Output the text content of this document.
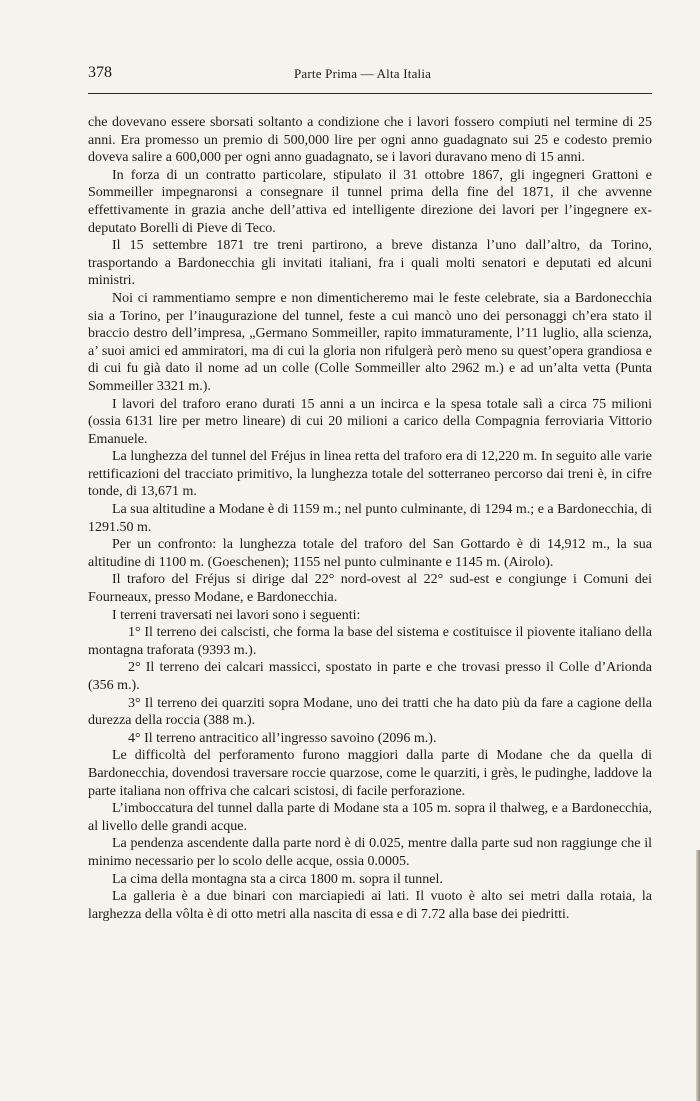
378	Parte Prima — Alta Italia

che dovevano essere sborsati soltanto a condizione che i lavori fossero compiuti nel termine di 25 anni. Era promesso un premio di 500,000 lire per ogni anno guadagnato sui 25 e codesto premio doveva salire a 600,000 per ogni anno guadagnato, se i lavori duravano meno di 15 anni.

In forza di un contratto particolare, stipulato il 31 ottobre 1867, gli ingegneri Grattoni e Sommeiller impegnaronsi a consegnare il tunnel prima della fine del 1871, il che avvenne effettivamente in grazia anche dell’attiva ed intelligente direzione dei lavori per l’ingegnere ex-deputato Borelli di Pieve di Teco.

Il 15 settembre 1871 tre treni partirono, a breve distanza l’uno dall’altro, da Torino, trasportando a Bardonecchia gli invitati italiani, fra i quali molti senatori e deputati ed alcuni ministri.

Noi ci rammentiamo sempre e non dimenticheremo mai le feste celebrate, sia a Bardonecchia sia a Torino, per l’inaugurazione del tunnel, feste a cui mancò uno dei personaggi ch’era stato il braccio destro dell’impresa, „Germano Sommeiller, rapito immaturamente, l’11 luglio, alla scienza, a’ suoi amici ed ammiratori, ma di cui la gloria non rifulgerà però meno su quest’opera grandiosa e di cui fu già dato il nome ad un colle (Colle Sommeiller alto 2962 m.) e ad un’alta vetta (Punta Sommeiller 3321 m.).

I lavori del traforo erano durati 15 anni a un incirca e la spesa totale salì a circa 75 milioni (ossia 6131 lire per metro lineare) di cui 20 milioni a carico della Compagnia ferroviaria Vittorio Emanuele.

La lunghezza del tunnel del Fréjus in linea retta del traforo era di 12,220 m. In seguito alle varie rettificazioni del tracciato primitivo, la lunghezza totale del sotterraneo percorso dai treni è, in cifre tonde, di 13,671 m.

La sua altitudine a Modane è di 1159 m.; nel punto culminante, di 1294 m.; e a Bardonecchia, di 1291.50 m.

Per un confronto: la lunghezza totale del traforo del San Gottardo è di 14,912 m., la sua altitudine di 1100 m. (Goeschenen); 1155 nel punto culminante e 1145 m. (Airolo).

Il traforo del Fréjus si dirige dal 22° nord-ovest al 22° sud-est e congiunge i Comuni dei Fourneaux, presso Modane, e Bardonecchia.

I terreni traversati nei lavori sono i seguenti:

1° Il terreno dei calscisti, che forma la base del sistema e costituisce il piovente italiano della montagna traforata (9393 m.).

2° Il terreno dei calcari massicci, spostato in parte e che trovasi presso il Colle d’Arionda (356 m.).

3° Il terreno dei quarziti sopra Modane, uno dei tratti che ha dato più da fare a cagione della durezza della roccia (388 m.).

4° Il terreno antracitico all’ingresso savoino (2096 m.).

Le difficoltà del perforamento furono maggiori dalla parte di Modane che da quella di Bardonecchia, dovendosi traversare roccie quarzose, come le quarziti, i grès, le pudinghe, laddove la parte italiana non offriva che calcari scistosi, di facile perforazione.

L’imboccatura del tunnel dalla parte di Modane sta a 105 m. sopra il thalweg, e a Bardonecchia, al livello delle grandi acque.

La pendenza ascendente dalla parte nord è di 0.025, mentre dalla parte sud non raggiunge che il minimo necessario per lo scolo delle acque, ossia 0.0005.

La cima della montagna sta a circa 1800 m. sopra il tunnel.

La galleria è a due binari con marciapiedi ai lati. Il vuoto è alto sei metri dalla rotaia, la larghezza della vôlta è di otto metri alla nascita di essa e di 7.72 alla base dei piedritti.
